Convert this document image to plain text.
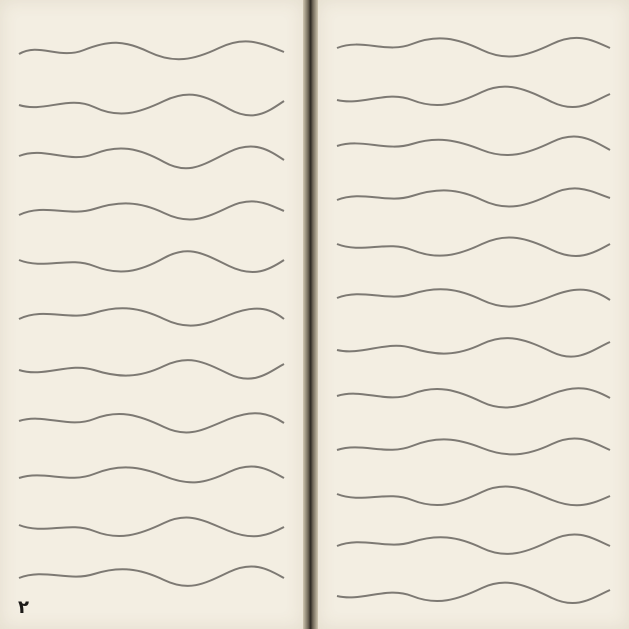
٢
